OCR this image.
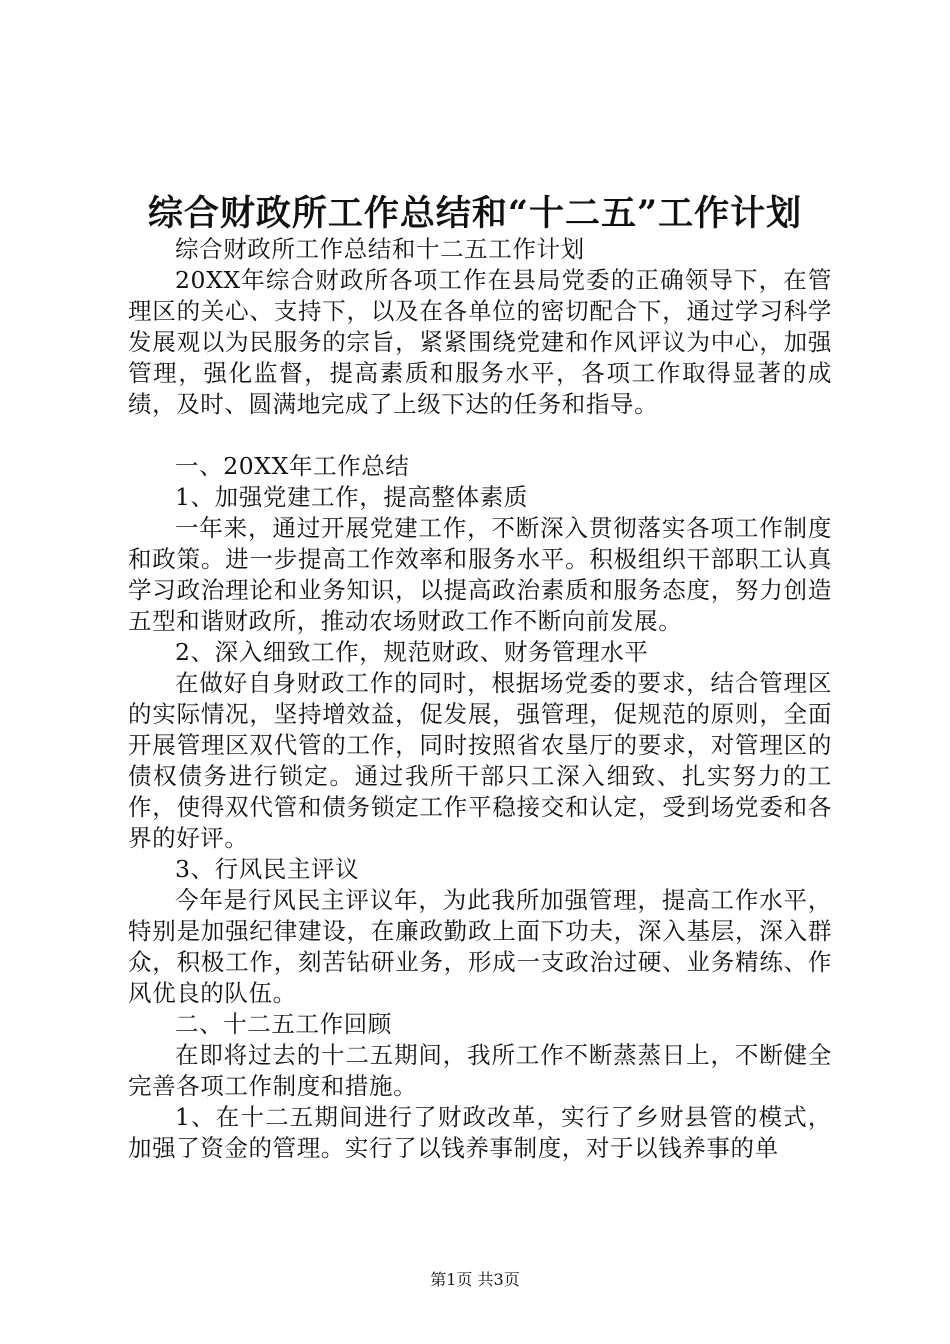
综合财政所工作总结和“十二五”工作计划

综合财政所工作总结和十二五工作计划

20XX年综合财政所各项工作在县局党委的正确领导下，在管理区的关心、支持下，以及在各单位的密切配合下，通过学习科学发展观以为民服务的宗旨，紧紧围绕党建和作风评议为中心，加强管理，强化监督，提高素质和服务水平，各项工作取得显著的成绩，及时、圆满地完成了上级下达的任务和指导。

一、20XX年工作总结

1、加强党建工作，提高整体素质

一年来，通过开展党建工作，不断深入贯彻落实各项工作制度和政策。进一步提高工作效率和服务水平。积极组织干部职工认真学习政治理论和业务知识，以提高政治素质和服务态度，努力创造五型和谐财政所，推动农场财政工作不断向前发展。

2、深入细致工作，规范财政、财务管理水平

在做好自身财政工作的同时，根据场党委的要求，结合管理区的实际情况，坚持增效益，促发展，强管理，促规范的原则，全面开展管理区双代管的工作，同时按照省农垦厅的要求，对管理区的债权债务进行锁定。通过我所干部只工深入细致、扎实努力的工作，使得双代管和债务锁定工作平稳接交和认定，受到场党委和各界的好评。

3、行风民主评议

今年是行风民主评议年，为此我所加强管理，提高工作水平，特别是加强纪律建设，在廉政勤政上面下功夫，深入基层，深入群众，积极工作，刻苦钻研业务，形成一支政治过硬、业务精练、作风优良的队伍。

二、十二五工作回顾

在即将过去的十二五期间，我所工作不断蒸蒸日上，不断健全完善各项工作制度和措施。

1、在十二五期间进行了财政改革，实行了乡财县管的模式，加强了资金的管理。实行了以钱养事制度，对于以钱养事的单

第1页 共3页
